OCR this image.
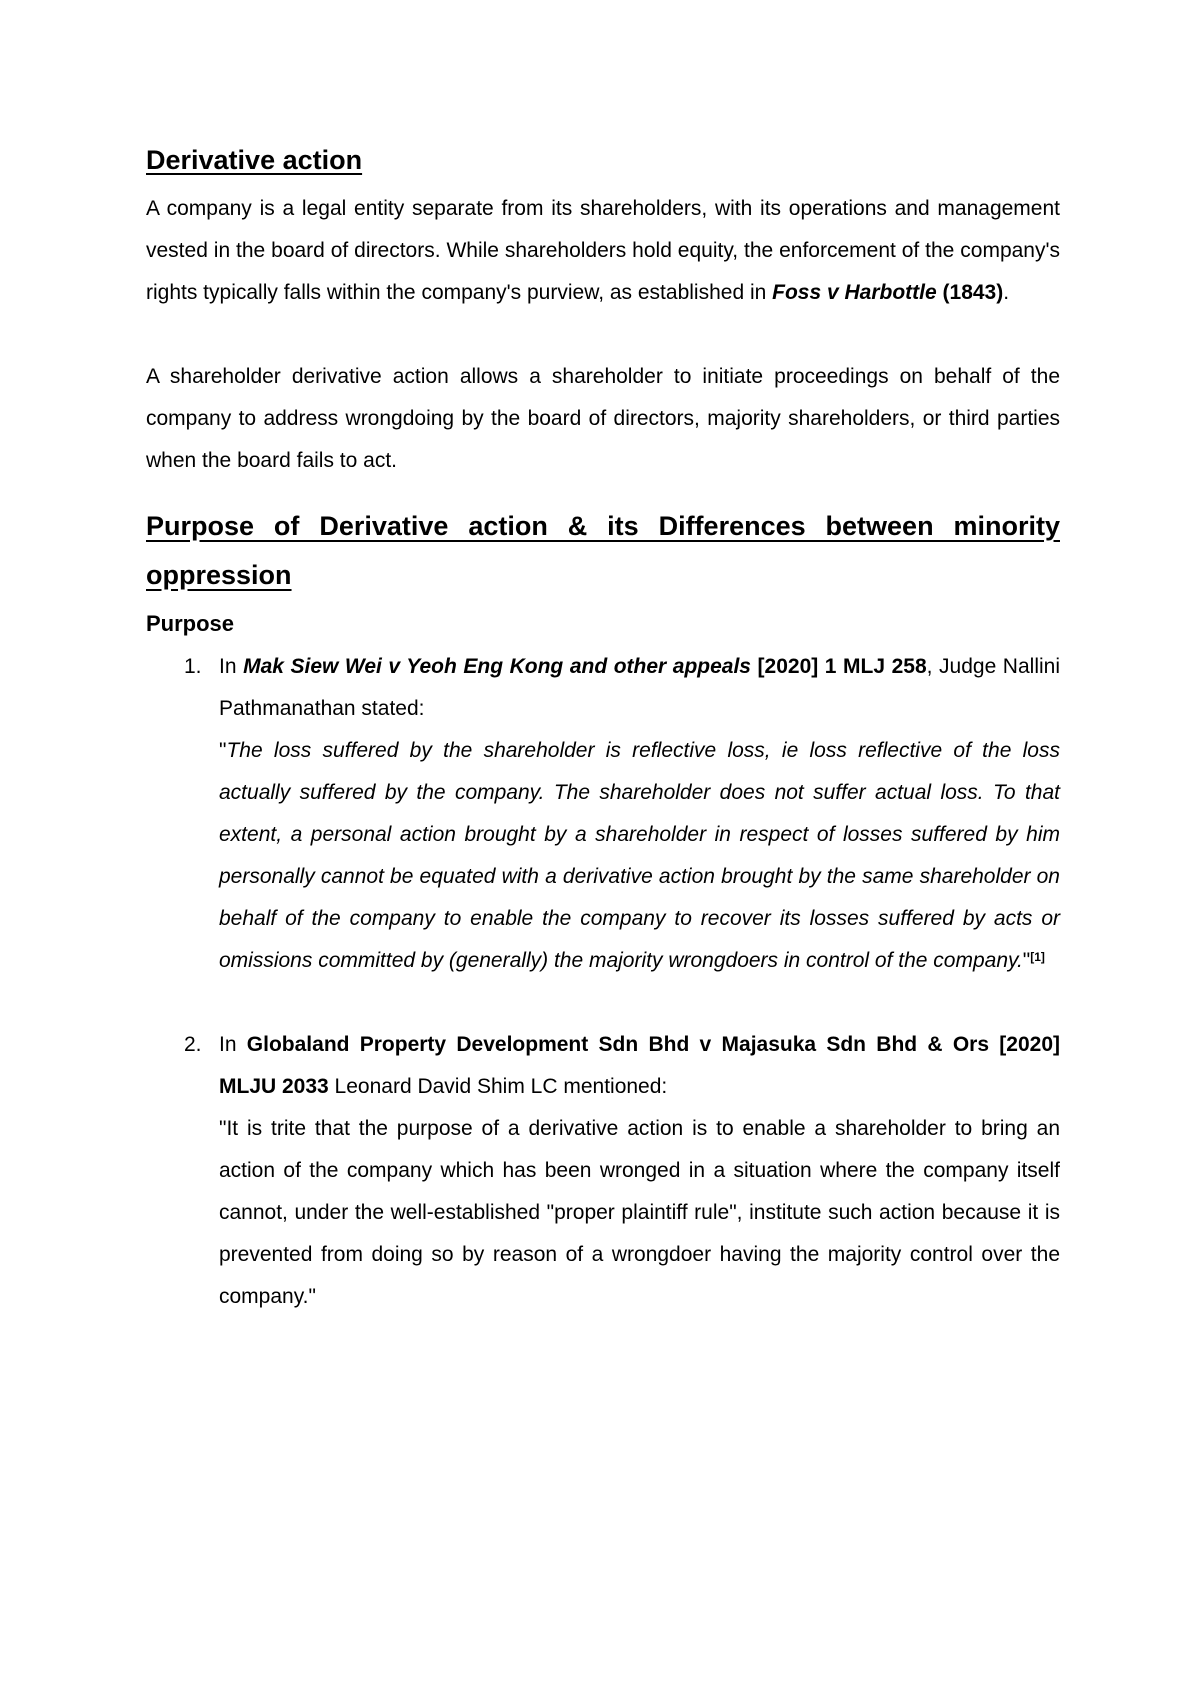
Derivative action

A company is a legal entity separate from its shareholders, with its operations and management vested in the board of directors. While shareholders hold equity, the enforcement of the company's rights typically falls within the company's purview, as established in Foss v Harbottle (1843).

A shareholder derivative action allows a shareholder to initiate proceedings on behalf of the company to address wrongdoing by the board of directors, majority shareholders, or third parties when the board fails to act.

Purpose of Derivative action & its Differences between minority oppression
Purpose
1. In Mak Siew Wei v Yeoh Eng Kong and other appeals [2020] 1 MLJ 258, Judge Nallini Pathmanathan stated:

"The loss suffered by the shareholder is reflective loss, ie loss reflective of the loss actually suffered by the company. The shareholder does not suffer actual loss. To that extent, a personal action brought by a shareholder in respect of losses suffered by him personally cannot be equated with a derivative action brought by the same shareholder on behalf of the company to enable the company to recover its losses suffered by acts or omissions committed by (generally) the majority wrongdoers in control of the company."[1]

2. In Globaland Property Development Sdn Bhd v Majasuka Sdn Bhd & Ors [2020] MLJU 2033 Leonard David Shim LC mentioned:

"It is trite that the purpose of a derivative action is to enable a shareholder to bring an action of the company which has been wronged in a situation where the company itself cannot, under the well-established "proper plaintiff rule", institute such action because it is prevented from doing so by reason of a wrongdoer having the majority control over the company."
